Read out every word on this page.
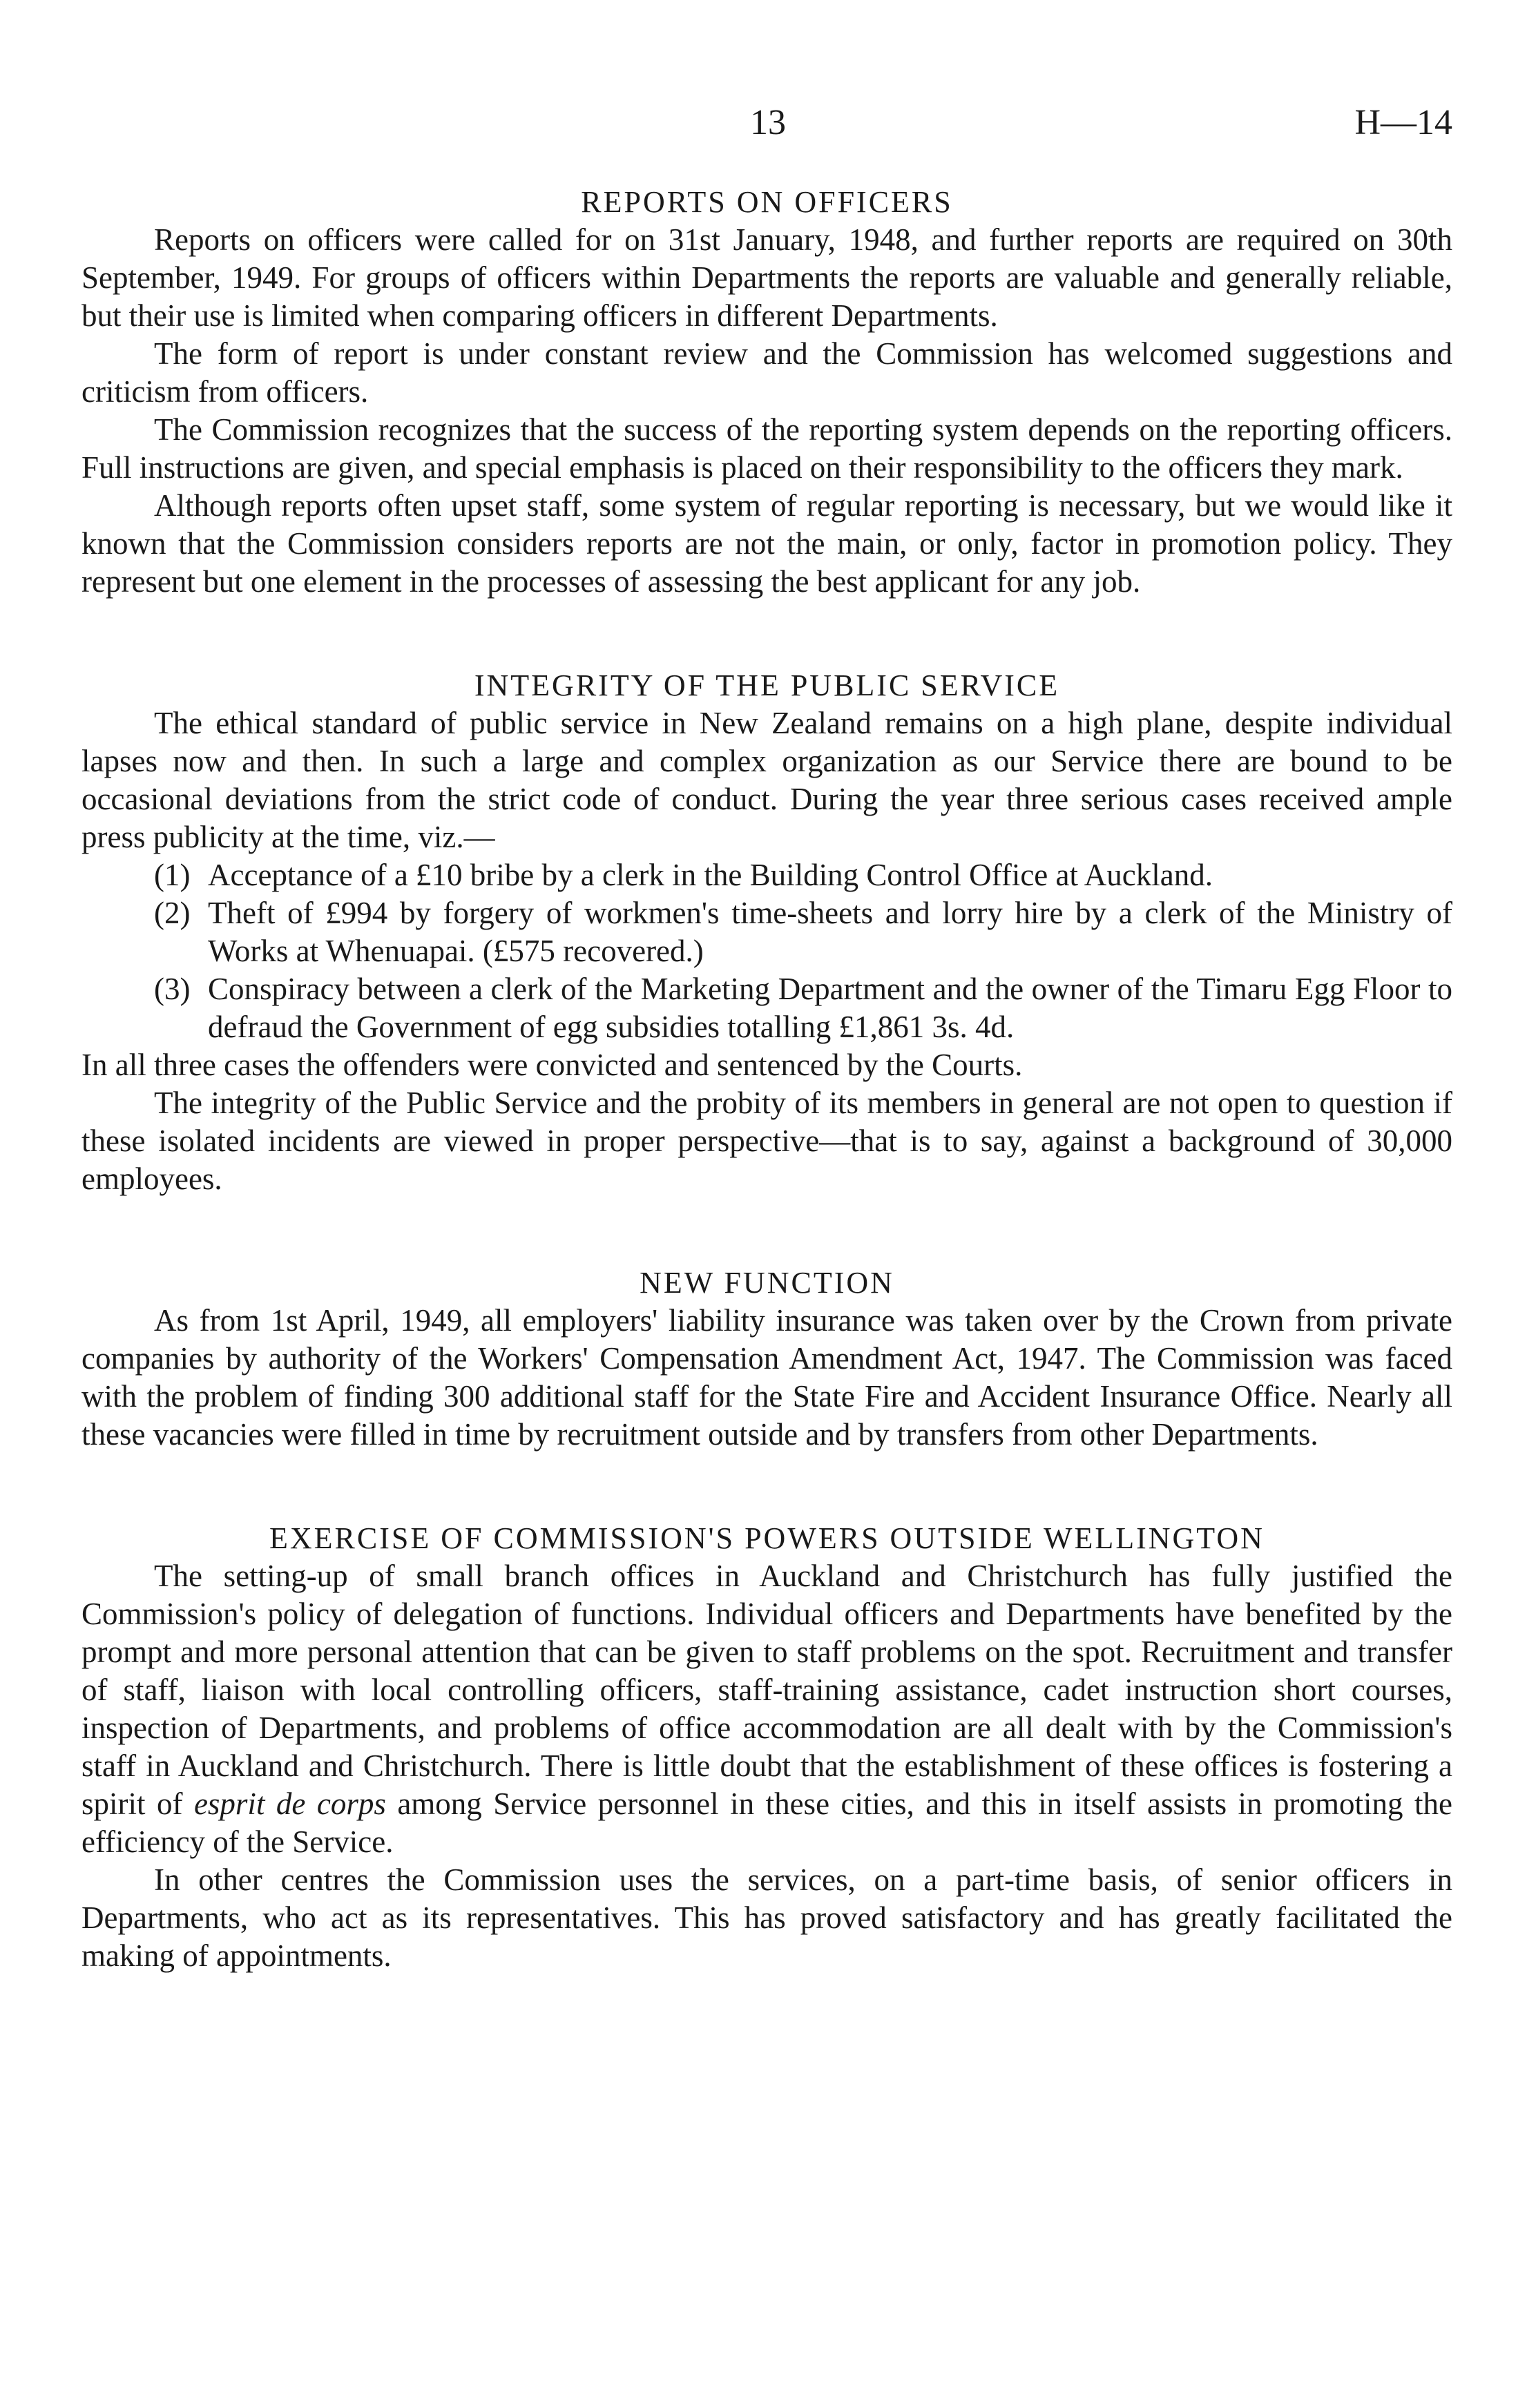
13	H—14
REPORTS ON OFFICERS

Reports on officers were called for on 31st January, 1948, and further reports are required on 30th September, 1949. For groups of officers within Departments the reports are valuable and generally reliable, but their use is limited when comparing officers in different Departments.

The form of report is under constant review and the Commission has welcomed suggestions and criticism from officers.

The Commission recognizes that the success of the reporting system depends on the reporting officers. Full instructions are given, and special emphasis is placed on their responsibility to the officers they mark.

Although reports often upset staff, some system of regular reporting is necessary, but we would like it known that the Commission considers reports are not the main, or only, factor in promotion policy. They represent but one element in the processes of assessing the best applicant for any job.

INTEGRITY OF THE PUBLIC SERVICE

The ethical standard of public service in New Zealand remains on a high plane, despite individual lapses now and then. In such a large and complex organization as our Service there are bound to be occasional deviations from the strict code of conduct. During the year three serious cases received ample press publicity at the time, viz.—

(1) Acceptance of a £10 bribe by a clerk in the Building Control Office at Auckland.
(2) Theft of £994 by forgery of workmen's time-sheets and lorry hire by a clerk of the Ministry of Works at Whenuapai. (£575 recovered.)
(3) Conspiracy between a clerk of the Marketing Department and the owner of the Timaru Egg Floor to defraud the Government of egg subsidies totalling £1,861 3s. 4d.

In all three cases the offenders were convicted and sentenced by the Courts.

The integrity of the Public Service and the probity of its members in general are not open to question if these isolated incidents are viewed in proper perspective—that is to say, against a background of 30,000 employees.

NEW FUNCTION

As from 1st April, 1949, all employers' liability insurance was taken over by the Crown from private companies by authority of the Workers' Compensation Amendment Act, 1947. The Commission was faced with the problem of finding 300 additional staff for the State Fire and Accident Insurance Office. Nearly all these vacancies were filled in time by recruitment outside and by transfers from other Departments.

EXERCISE OF COMMISSION'S POWERS OUTSIDE WELLINGTON

The setting-up of small branch offices in Auckland and Christchurch has fully justified the Commission's policy of delegation of functions. Individual officers and Departments have benefited by the prompt and more personal attention that can be given to staff problems on the spot. Recruitment and transfer of staff, liaison with local controlling officers, staff-training assistance, cadet instruction short courses, inspection of Departments, and problems of office accommodation are all dealt with by the Commission's staff in Auckland and Christchurch. There is little doubt that the establishment of these offices is fostering a spirit of esprit de corps among Service personnel in these cities, and this in itself assists in promoting the efficiency of the Service.

In other centres the Commission uses the services, on a part-time basis, of senior officers in Departments, who act as its representatives. This has proved satisfactory and has greatly facilitated the making of appointments.
